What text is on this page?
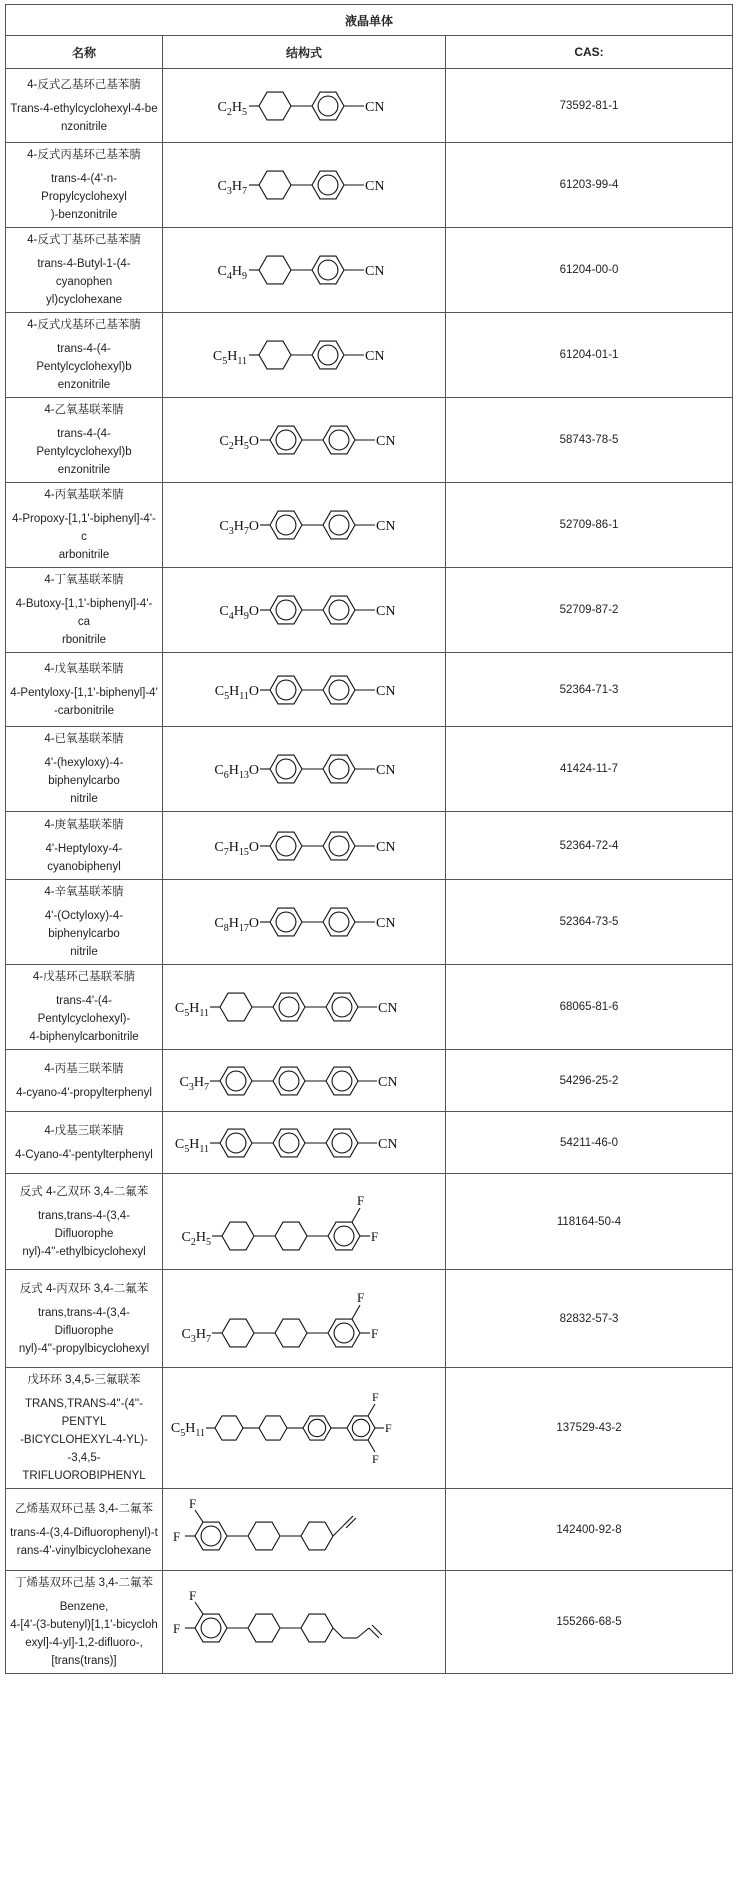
液晶单体		
名称	结构式	CAS:

4-反式乙基环己基苯腈
Trans-4-ethylcyclohexyl-4-be
nzonitrile	$C_2H_5$ CN	73592-81-1

4-反式丙基环己基苯腈
trans-4-(4'-n-Propylcyclohexyl
)-benzonitrile	$C_3H_7$ CN	61203-99-4

4-反式丁基环己基苯腈
trans-4-Butyl-1-(4-cyanophen
yl)cyclohexane	$C_4H_9$ CN	61204-00-0

4-反式戊基环己基苯腈
trans-4-(4-Pentylcyclohexyl)b
enzonitrile	$C_5H_{11}$ CN	61204-01-1

4-乙氧基联苯腈
trans-4-(4-Pentylcyclohexyl)b
enzonitrile	$C_2H_5O$ CN	58743-78-5

4-丙氧基联苯腈
4-Propoxy-[1,1'-biphenyl]-4'-c
arbonitrile	$C_3H_7O$ CN	52709-86-1

4-丁氧基联苯腈
4-Butoxy-[1,1'-biphenyl]-4'-ca
rbonitrile	$C_4H_9O$ CN	52709-87-2

4-戊氧基联苯腈
4-Pentyloxy-[1,1'-biphenyl]-4'
-carbonitrile	$C_5H_{11}O$ CN	52364-71-3

4-已氧基联苯腈
4'-(hexyloxy)-4-biphenylcarbo
nitrile	$C_6H_{13}O$ CN	41424-11-7

4-庚氧基联苯腈
4'-Heptyloxy-4-cyanobiphenyl	$C_7H_{15}O$ CN	52364-72-4

4-辛氧基联苯腈
4'-(Octyloxy)-4-biphenylcarbo
nitrile	$C_8H_{17}O$ CN	52364-73-5

4-戊基环己基联苯腈
trans-4'-(4-Pentylcyclohexyl)-
4-biphenylcarbonitrile	$C_5H_{11}$ CN	68065-81-6

4-丙基三联苯腈
4-cyano-4'-propylterphenyl	$C_3H_7$ CN	54296-25-2

4-戊基三联苯腈
4-Cyano-4'-pentylterphenyl	$C_5H_{11}$ CN	54211-46-0

反式 4-乙双环 3,4-二氟苯
trans,trans-4-(3,4-Difluorophe
nyl)-4''-ethylbicyclohexyl	$C_2H_5$
F
F	118164-50-4

反式 4-丙双环 3,4-二氟苯
trans,trans-4-(3,4-Difluorophe
nyl)-4''-propylbicyclohexyl	$C_3H_7$
F
F	82832-57-3

戊环环 3,4,5-三氟联苯
TRANS,TRANS-4''-(4''-PENTYL
-BICYCLOHEXYL-4-YL)--3,4,5-
TRIFLUOROBIPHENYL	$C_5H_{11}$
F
F
F	137529-43-2

乙烯基双环己基 3,4-二氟苯
trans-4-(3,4-Difluorophenyl)-t
rans-4'-vinylbicyclohexane	F
F	142400-92-8

丁烯基双环己基 3,4-二氟苯
Benzene,
4-[4'-(3-butenyl)[1,1'-bicycloh
exyl]-4-yl]-1,2-difluoro-,
[trans(trans)]	F
F	155266-68-5
